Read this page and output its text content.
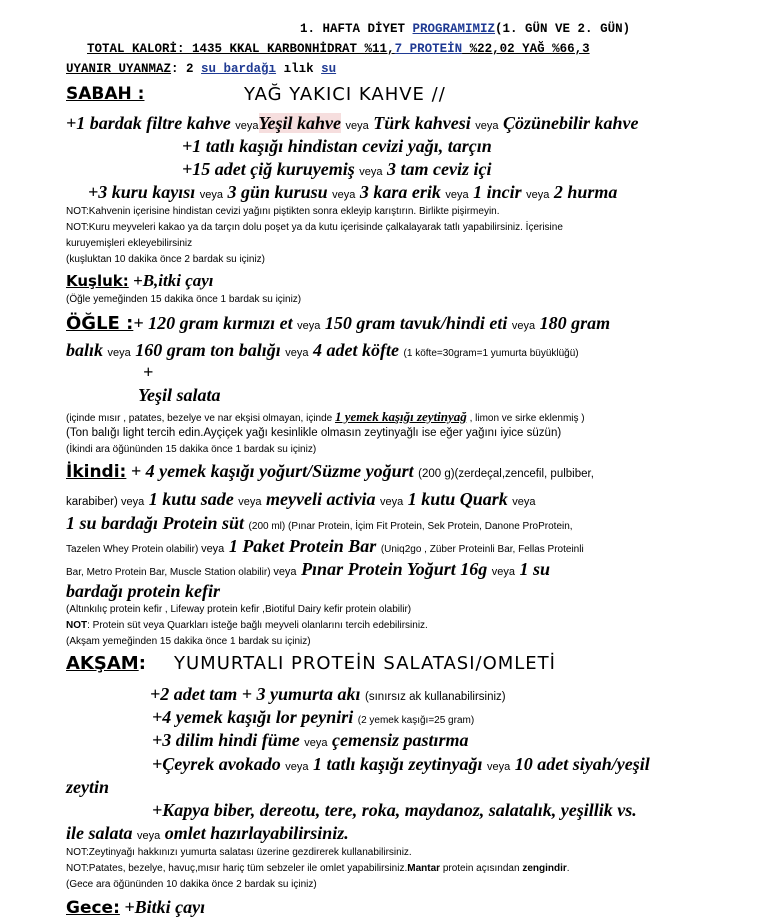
1. HAFTA DİYET PROGRAMIMIZ(1. GÜN VE 2. GÜN)
TOTAL KALORİ: 1435 KKAL KARBONHİDRAT %11,7 PROTEİN %22,02 YAĞ %66,3
UYANIR UYANMAZ: 2 su bardağı ılık su
SABAH :	YAĞ YAKICI KAHVE //
+1 bardak filtre kahve veyaYeşil kahve veya Türk kahvesi veya Çözünebilir kahve
+1 tatlı kaşığı hindistan cevizi yağı, tarçın
+15 adet çiğ kuruyemiş veya 3 tam ceviz içi
+3 kuru kayısı veya 3 gün kurusu veya 3 kara erik veya 1 incir veya 2 hurma
NOT:Kahvenin içerisine hindistan cevizi yağını piştikten sonra ekleyip karıştırın. Birlikte pişirmeyin.
NOT:Kuru meyveleri kakao ya da tarçın dolu poşet ya da kutu içerisinde çalkalayarak tatlı yapabilirsiniz. İçerisine
kuruyemişleri ekleyebilirsiniz
(kuşluktan 10 dakika önce 2 bardak su içiniz)
Kuşluk: +B,itki çayı
(Öğle yemeğinden 15 dakika önce 1 bardak su içiniz)
ÖĞLE :+ 120 gram kırmızı et veya 150 gram tavuk/hindi eti veya 180 gram
balık veya 160 gram ton balığı veya 4 adet köfte (1 köfte=30gram=1 yumurta büyüklüğü)
+
Yeşil salata
(içinde mısır , patates, bezelye ve nar ekşisi olmayan, içinde 1 yemek kaşığı zeytinyağ , limon ve sirke eklenmiş )
(Ton balığı light tercih edin.Ayçiçek yağı kesinlikle olmasın zeytinyağlı ise eğer yağını iyice süzün)
(İkindi ara öğününden 15 dakika önce 1 bardak su içiniz)
İkindi: + 4 yemek kaşığı yoğurt/Süzme yoğurt (200 g)(zerdeçal,zencefil, pulbiber,
karabiber) veya 1 kutu sade veya meyveli activia veya 1 kutu Quark veya
1 su bardağı Protein süt (200 ml) (Pınar Protein, İçim Fit Protein, Sek Protein, Danone ProProtein,
Tazelen Whey Protein olabilir) veya 1 Paket Protein Bar (Uniq2go , Züber Proteinli Bar, Fellas Proteinli
Bar, Metro Protein Bar, Muscle Station olabilir) veya Pınar Protein Yoğurt 16g veya 1 su
bardağı protein kefir
(Altınkılıç protein kefir , Lifeway protein kefir ,Biotiful Dairy kefir protein olabilir)
NOT: Protein süt veya Quarkları isteğe bağlı meyveli olanlarını tercih edebilirsiniz.
(Akşam yemeğinden 15 dakika önce 1 bardak su içiniz)
AKŞAM: YUMURTALI PROTEİN SALATASI/OMLETİ
+2 adet tam + 3 yumurta akı (sınırsız ak kullanabilirsiniz)
+4 yemek kaşığı lor peyniri (2 yemek kaşığı=25 gram)
+3 dilim hindi füme veya çemensiz pastırma
+Çeyrek avokado veya 1 tatlı kaşığı zeytinyağı veya 10 adet siyah/yeşil
zeytin
+Kapya biber, dereotu, tere, roka, maydanoz, salatalık, yeşillik vs.
ile salata veya omlet hazırlayabilirsiniz.
NOT:Zeytinyağı hakkınızı yumurta salatası üzerine gezdirerek kullanabilirsiniz.
NOT:Patates, bezelye, havuç,mısır hariç tüm sebzeler ile omlet yapabilirsiniz.Mantar protein açısından zengindir.
(Gece ara öğününden 10 dakika önce 2 bardak su içiniz)
Gece: +Bitki çayı
